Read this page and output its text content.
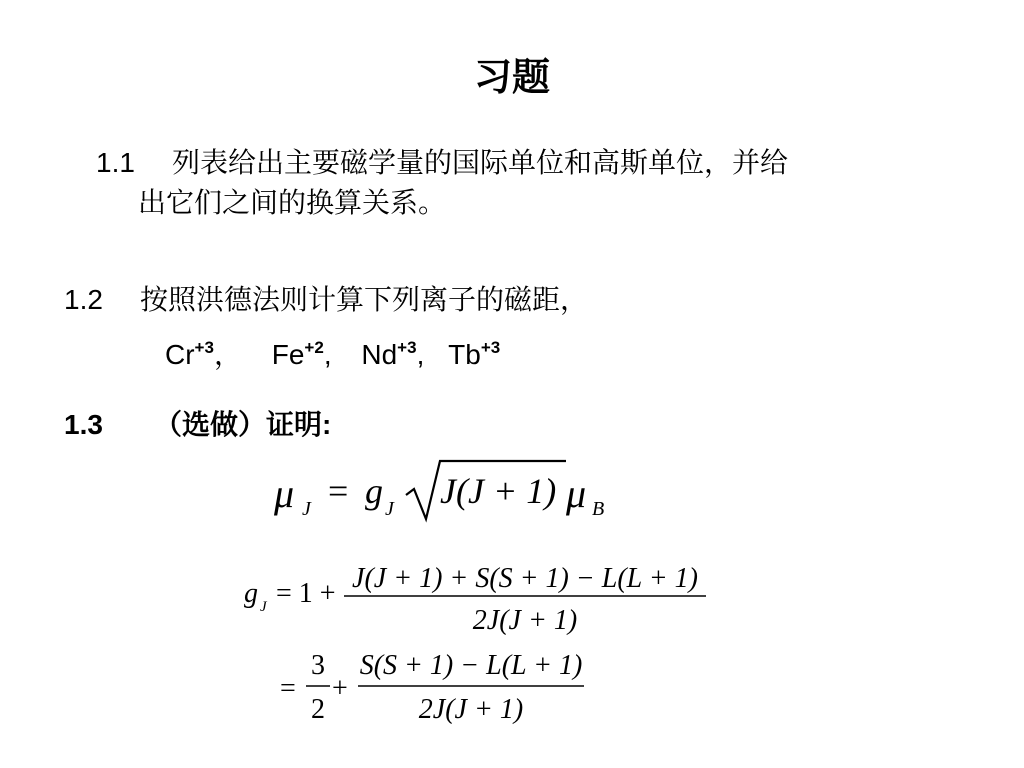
习题
1.1 列表给出主要磁学量的国际单位和高斯单位，并给
出它们之间的换算关系。
1.2 按照洪德法则计算下列离子的磁距，
$Cr^{+3}$， $Fe^{+2}$, $Nd^{+3}$, $Tb^{+3}$
1.3 （选做）证明:
μ J = g J J(J + 1) μ B
g J = 1 + J(J + 1) + S(S + 1) − L(L + 1)
2J(J + 1)
=
3
2
+
S(S + 1) − L(L + 1)
2J(J + 1)
